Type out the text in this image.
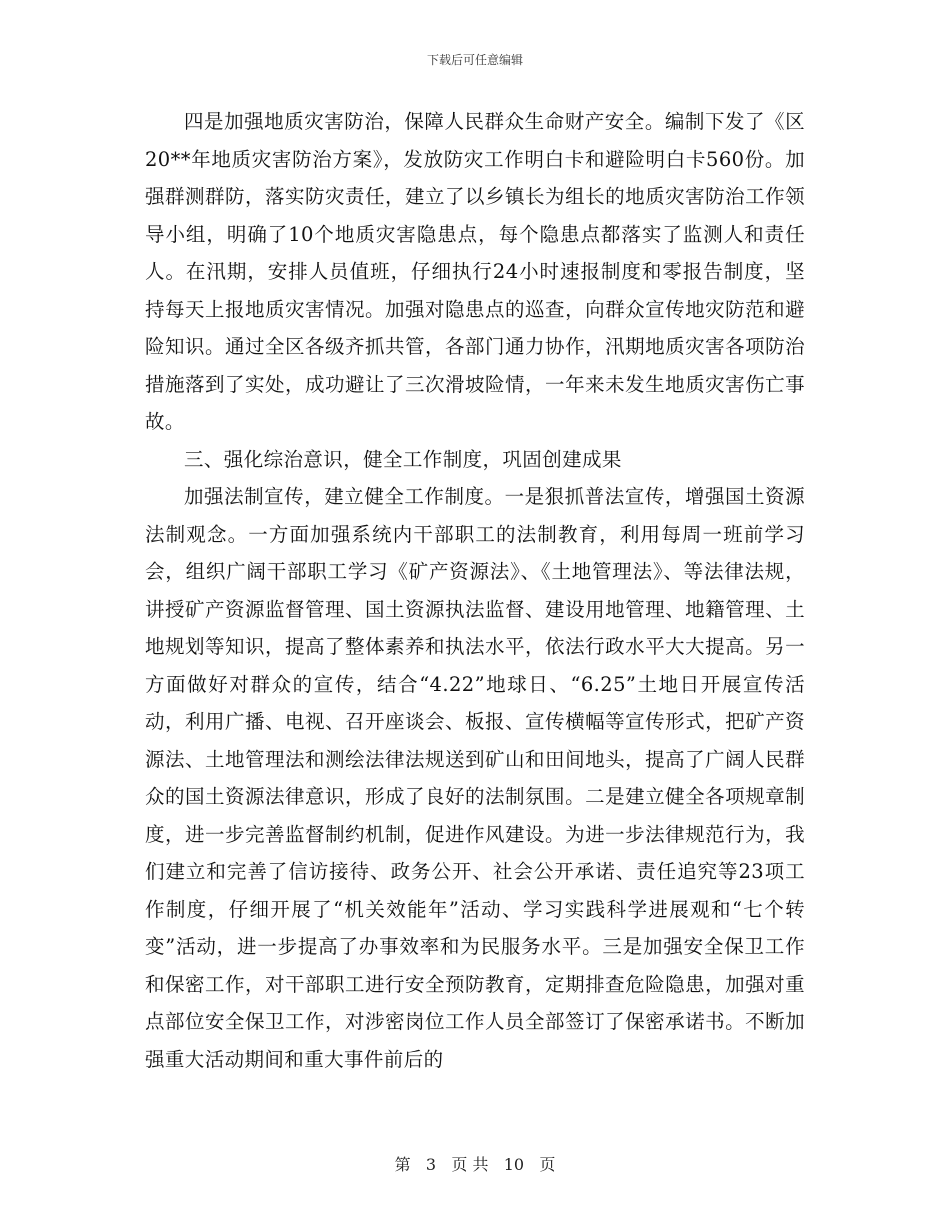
下载后可任意编辑

四是加强地质灾害防治，保障人民群众生命财产安全。编制下发了《区20**年地质灾害防治方案》，发放防灾工作明白卡和避险明白卡560份。加强群测群防，落实防灾责任，建立了以乡镇长为组长的地质灾害防治工作领导小组，明确了10个地质灾害隐患点，每个隐患点都落实了监测人和责任人。在汛期，安排人员值班，仔细执行24小时速报制度和零报告制度，坚持每天上报地质灾害情况。加强对隐患点的巡查，向群众宣传地灾防范和避险知识。通过全区各级齐抓共管，各部门通力协作，汛期地质灾害各项防治措施落到了实处，成功避让了三次滑坡险情，一年来未发生地质灾害伤亡事故。

三、强化综治意识，健全工作制度，巩固创建成果

加强法制宣传，建立健全工作制度。一是狠抓普法宣传，增强国土资源法制观念。一方面加强系统内干部职工的法制教育，利用每周一班前学习会，组织广阔干部职工学习《矿产资源法》、《土地管理法》、等法律法规，讲授矿产资源监督管理、国土资源执法监督、建设用地管理、地籍管理、土地规划等知识，提高了整体素养和执法水平，依法行政水平大大提高。另一方面做好对群众的宣传，结合“4.22”地球日、“6.25”土地日开展宣传活动，利用广播、电视、召开座谈会、板报、宣传横幅等宣传形式，把矿产资源法、土地管理法和测绘法律法规送到矿山和田间地头，提高了广阔人民群众的国土资源法律意识，形成了良好的法制氛围。二是建立健全各项规章制度，进一步完善监督制约机制，促进作风建设。为进一步法律规范行为，我们建立和完善了信访接待、政务公开、社会公开承诺、责任追究等23项工作制度，仔细开展了“机关效能年”活动、学习实践科学进展观和“七个转变”活动，进一步提高了办事效率和为民服务水平。三是加强安全保卫工作和保密工作，对干部职工进行安全预防教育，定期排查危险隐患，加强对重点部位安全保卫工作，对涉密岗位工作人员全部签订了保密承诺书。不断加强重大活动期间和重大事件前后的

第 3 页 共 10 页
